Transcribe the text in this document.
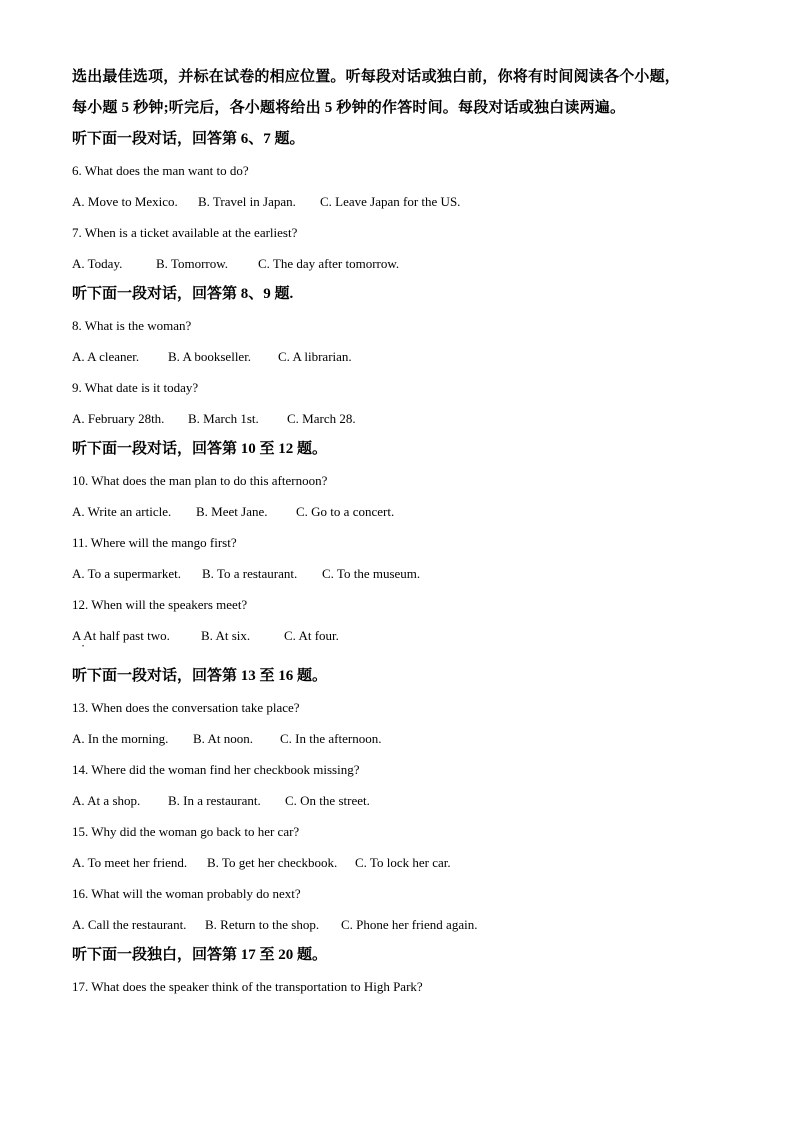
选出最佳选项，并标在试卷的相应位置。听每段对话或独白前，你将有时间阅读各个小题，
每小题 5 秒钟;听完后，各小题将给出 5 秒钟的作答时间。每段对话或独白读两遍。
听下面一段对话，回答第 6、7 题。
6. What does the man want to do?
A. Move to Mexico. B. Travel in Japan. C. Leave Japan for the US.
7. When is a ticket available at the earliest?
A. Today.	B. Tomorrow. C. The day after tomorrow.
听下面一段对话，回答第 8、9 题.
8. What is the woman?
A. A cleaner. B. A bookseller. C. A librarian.
9. What date is it today?
A. February 28th. B. March 1st. C. March 28.
听下面一段对话，回答第 10 至 12 题。
10. What does the man plan to do this afternoon?
A. Write an article. B. Meet Jane. C. Go to a concert.
11. Where will the mango first?
A. To a supermarket. B. To a restaurant. C. To the museum.
12. When will the speakers meet?
A At half past two. B. At six.	C. At four.
•
听下面一段对话，回答第 13 至 16 题。
13. When does the conversation take place?
A. In the morning. B. At noon. C. In the afternoon.
14. Where did the woman find her checkbook missing?
A. At a shop. B. In a restaurant. C. On the street.
15. Why did the woman go back to her car?
A. To meet her friend. B. To get her checkbook. C. To lock her car.
16. What will the woman probably do next?
A. Call the restaurant. B. Return to the shop. C. Phone her friend again.
听下面一段独白，回答第 17 至 20 题。
17. What does the speaker think of the transportation to High Park?
